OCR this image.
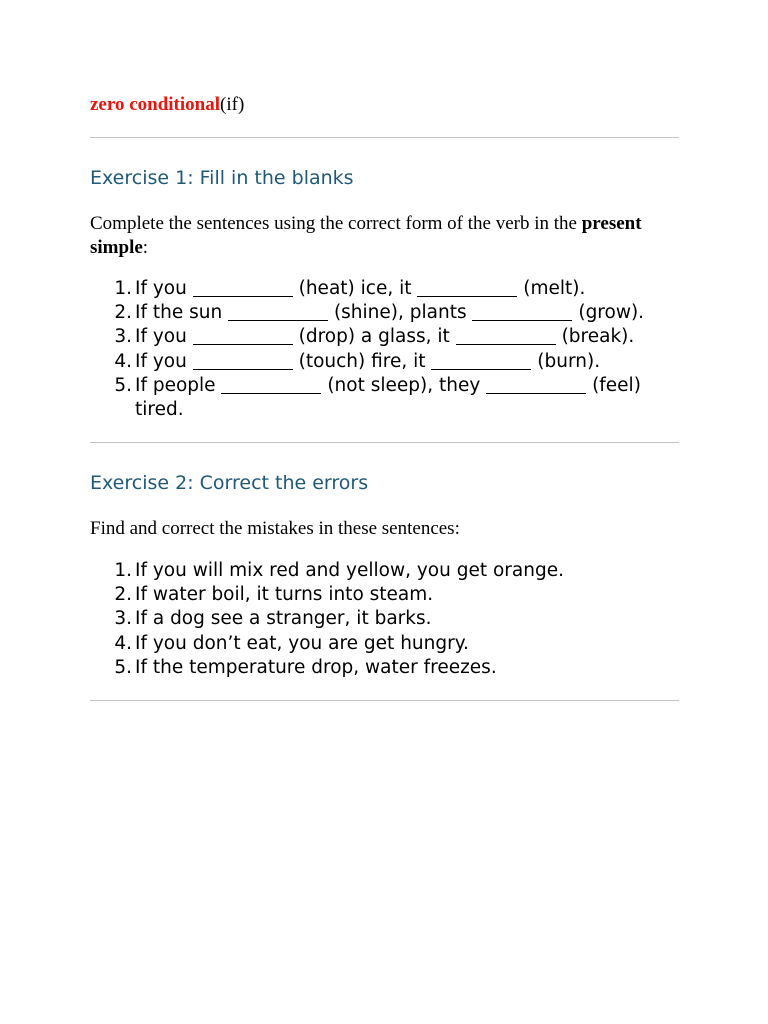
zero conditional(if)
Exercise 1: Fill in the blanks

Complete the sentences using the correct form of the verb in the present simple:

1. If you	(heat) ice, it	(melt).
2. If the sun	(shine), plants	(grow).
3. If you	(drop) a glass, it	(break).
4. If you	(touch) fire, it	(burn).
5. If people	(not sleep), they	(feel) tired.
Exercise 2: Correct the errors

Find and correct the mistakes in these sentences:

1. If you will mix red and yellow, you get orange.
2. If water boil, it turns into steam.
3. If a dog see a stranger, it barks.
4. If you don’t eat, you are get hungry.
5. If the temperature drop, water freezes.
